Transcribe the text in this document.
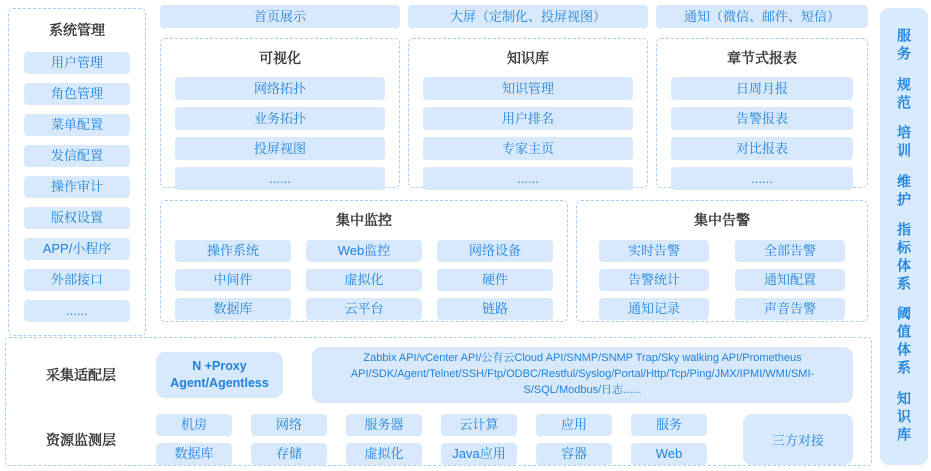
系统管理
用户管理
角色管理
菜单配置
发信配置
操作审计
版权设置
APP/小程序
外部接口
......
首页展示	大屏（定制化、投屏视图）	通知（微信、邮件、短信）
可视化
网络拓扑
业务拓扑
投屏视图
......
知识库
知识管理
用户排名
专家主页
......
章节式报表
日周月报
告警报表
对比报表
......
集中监控
操作系统	Web监控	网络设备
中间件	虚拟化	硬件
数据库	云平台	链路
集中告警
实时告警	全部告警
告警统计	通知配置
通知记录	声音告警
采集适配层
N +Proxy
Agent/Agentless
Zabbix API/vCenter API/公有云Cloud API/SNMP/SNMP Trap/Sky walking API/Prometheus API/SDK/Agent/Telnet/SSH/Ftp/ODBC/Restful/Syslog/Portal/Http/Tcp/Ping/JMX/IPMI/WMI/SMI-S/SQL/Modbus/日志......
资源监测层
机房	网络	服务器	云计算	应用	服务
数据库	存储	虚拟化	Java应用	容器	Web
三方对接
服务
规范
培训
维护
指标体系
阈值体系
知识库
